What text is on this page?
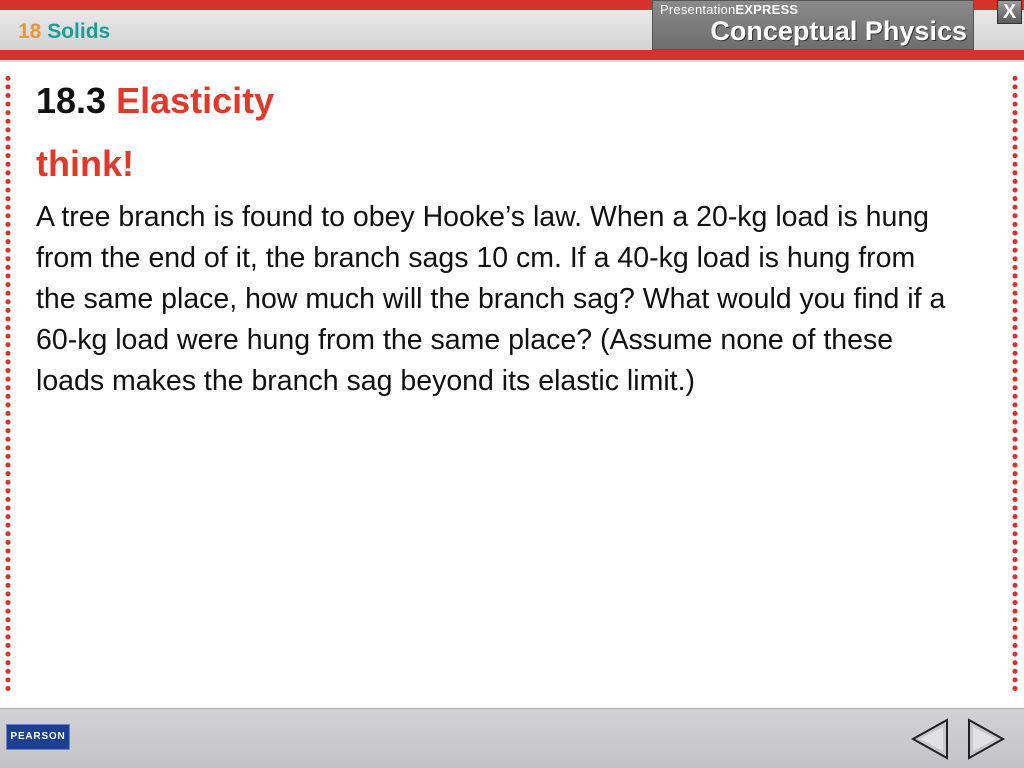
18 Solids
PresentationEXPRESS
Conceptual Physics
X
18.3 Elasticity
think!
A tree branch is found to obey Hooke’s law. When a 20-kg load is hung from the end of it, the branch sags 10 cm. If a 40-kg load is hung from the same place, how much will the branch sag? What would you find if a 60-kg load were hung from the same place? (Assume none of these loads makes the branch sag beyond its elastic limit.)
PEARSON
